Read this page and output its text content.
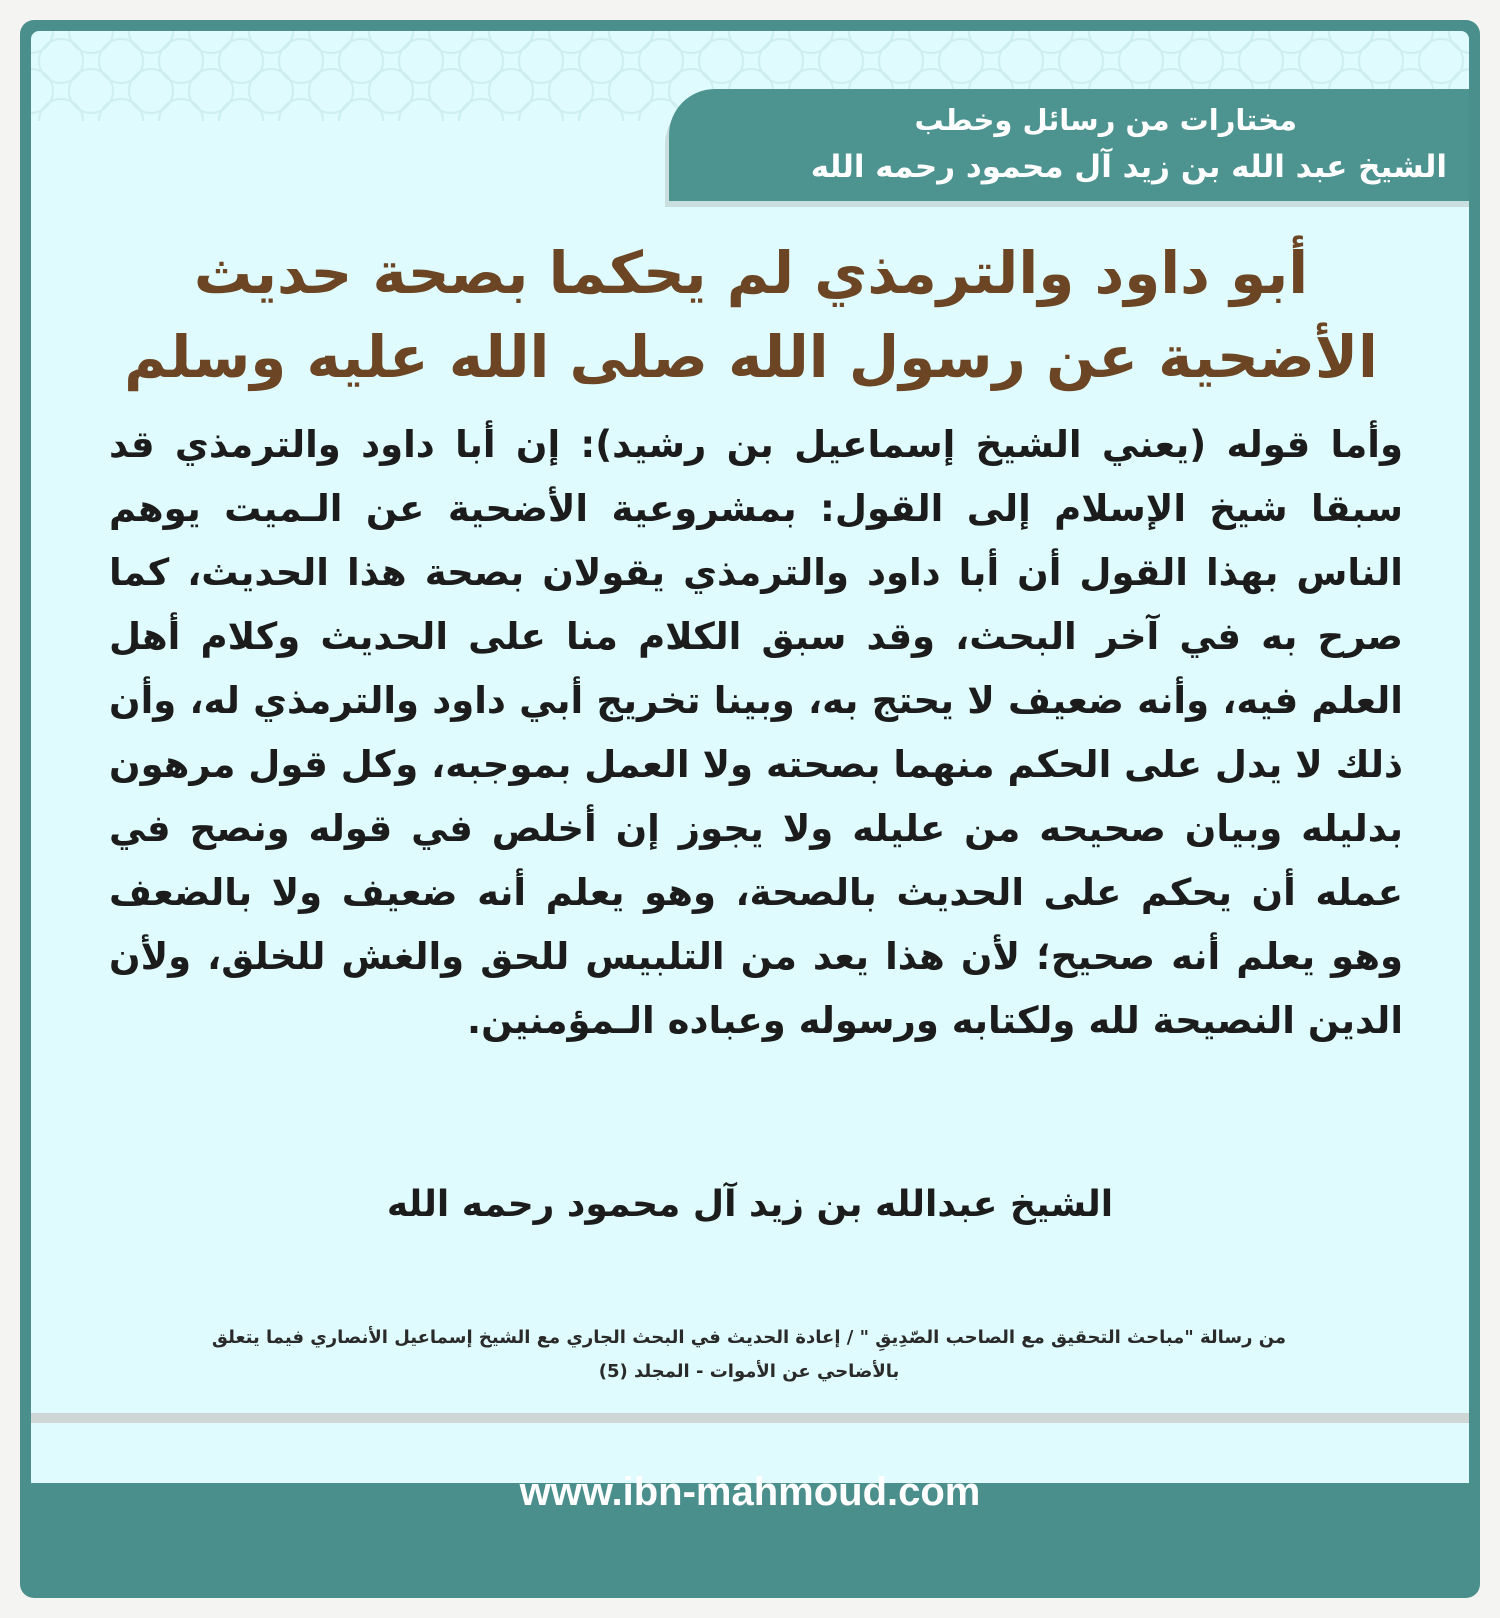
مختارات من رسائل وخطب
الشيخ عبد الله بن زيد آل محمود رحمه الله
أبو داود والترمذي لم يحكما بصحة حديث الأضحية عن رسول الله صلى الله عليه وسلم
وأما قوله (يعني الشيخ إسماعيل بن رشيد): إن أبا داود والترمذي قد سبقا شيخ الإسلام إلى القول: بمشروعية الأضحية عن الـميت يوهم الناس بهذا القول أن أبا داود والترمذي يقولان بصحة هذا الحديث، كما صرح به في آخر البحث، وقد سبق الكلام منا على الحديث وكلام أهل العلم فيه، وأنه ضعيف لا يحتج به، وبينا تخريج أبي داود والترمذي له، وأن ذلك لا يدل على الحكم منهما بصحته ولا العمل بموجبه، وكل قول مرهون بدليله وبيان صحيحه من عليله ولا يجوز إن أخلص في قوله ونصح في عمله أن يحكم على الحديث بالصحة، وهو يعلم أنه ضعيف ولا بالضعف وهو يعلم أنه صحيح؛ لأن هذا يعد من التلبيس للحق والغش للخلق، ولأن الدين النصيحة لله ولكتابه ورسوله وعباده الـمؤمنين.
الشيخ عبدالله بن زيد آل محمود رحمه الله
من رسالة "مباحث التحقيق مع الصاحب الصّدِيقِ " / إعادة الحديث في البحث الجاري مع الشيخ إسماعيل الأنصاري فيما يتعلق
بالأضاحي عن الأموات - المجلد (5)
www.ibn-mahmoud.com
